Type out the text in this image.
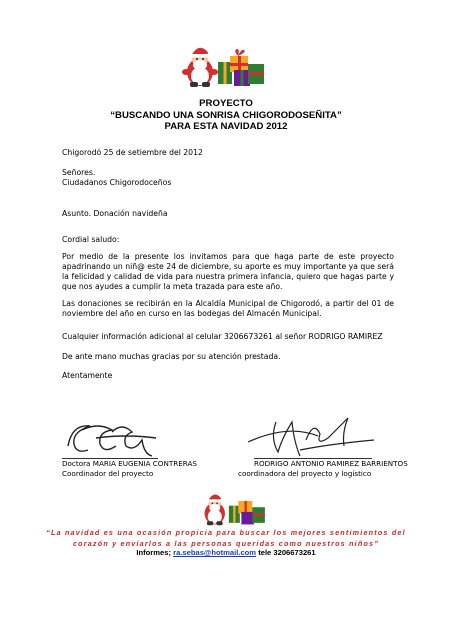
PROYECTO
“BUSCANDO UNA SONRISA CHIGORODOSEÑITA”
PARA ESTA NAVIDAD 2012
Chigorodó 25 de setiembre del 2012
Señores.
Ciudadanos Chigorodoceños
Asunto. Donación navideña
Cordial saludo:
Por medio de la presente los invitamos para que haga parte de este proyecto apadrinando un niñ@ este 24 de diciembre, su aporte es muy importante ya que será la felicidad y calidad de vida para nuestra primera infancia, quiero que hagas parte y que nos ayudes a cumplir la meta trazada para este año.
Las donaciones se recibirán en la Alcaldía Municipal de Chigorodó, a partir del 01 de noviembre del año en curso en las bodegas del Almacén Municipal.
Cualquier información adicional al celular 3206673261 al señor RODRIGO RAMIREZ
De ante mano muchas gracias por su atención prestada.
Atentamente
Doctora MARIA EUGENIA CONTRERAS
Coordinador del proyecto
RODRIGO ANTONIO RAMIREZ BARRIENTOS
coordinadora del proyecto y logístico
“La navidad es una ocasión propicia para buscar los mejores sentimientos del
corazón y enviarlos a las personas queridas como nuestros niños”
Informes; ra.sebas@hotmail.com tele 3206673261
